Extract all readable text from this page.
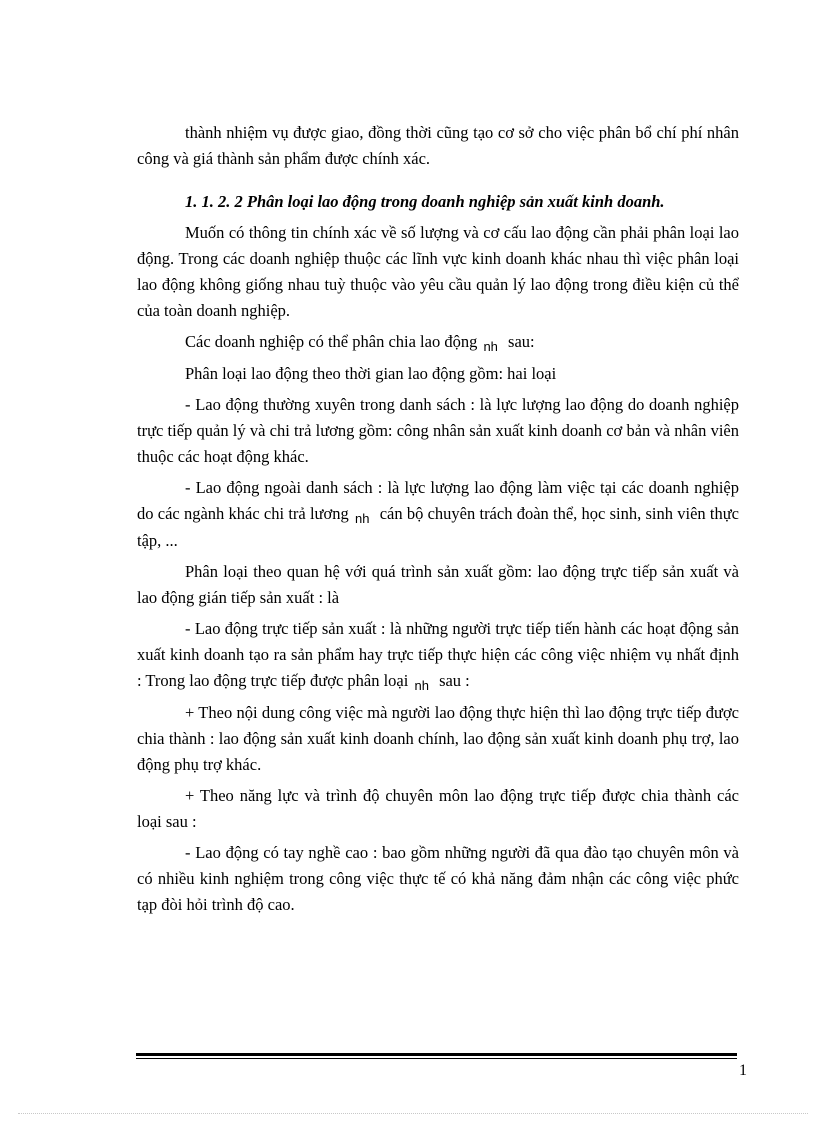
thành nhiệm vụ được giao, đồng thời cũng tạo cơ sở cho việc phân bổ chí phí nhân công và giá thành sản phẩm được chính xác.

1. 1. 2. 2 Phân loại lao động trong doanh nghiệp sản xuất kinh doanh.

Muốn có thông tin chính xác về số lượng và cơ cấu lao động cần phải phân loại lao động. Trong các doanh nghiệp thuộc các lĩnh vực kinh doanh khác nhau thì việc phân loại lao động không giống nhau tuỳ thuộc vào yêu cầu quản lý lao động trong điều kiện củ thể của toàn doanh nghiệp.

Các doanh nghiệp có thể phân chia lao động $_{nh}$ sau:

Phân loại lao động theo thời gian lao động gồm: hai loại

- Lao động thường xuyên trong danh sách : là lực lượng lao động do doanh nghiệp trực tiếp quản lý và chi trả lương gồm: công nhân sản xuất kinh doanh cơ bản và nhân viên thuộc các hoạt động khác.

- Lao động ngoài danh sách : là lực lượng lao động làm việc tại các doanh nghiệp do các ngành khác chi trả lương $_{nh}$ cán bộ chuyên trách đoàn thể, học sinh, sinh viên thực tập, ...

Phân loại theo quan hệ với quá trình sản xuất gồm: lao động trực tiếp sản xuất và lao động gián tiếp sản xuất : là

- Lao động trực tiếp sản xuất : là những người trực tiếp tiến hành các hoạt động sản xuất kinh doanh tạo ra sản phẩm hay trực tiếp thực hiện các công việc nhiệm vụ nhất định : Trong lao động trực tiếp được phân loại $_{nh}$ sau :

+ Theo nội dung công việc mà người lao động thực hiện thì lao động trực tiếp được chia thành : lao động sản xuất kinh doanh chính, lao động sản xuất kinh doanh phụ trợ, lao động phụ trợ khác.

+ Theo năng lực và trình độ chuyên môn lao động trực tiếp được chia thành các loại sau :

- Lao động có tay nghề cao : bao gồm những người đã qua đào tạo chuyên môn và có nhiều kinh nghiệm trong công việc thực tế có khả năng đảm nhận các công việc phức tạp đòi hỏi trình độ cao.

1
